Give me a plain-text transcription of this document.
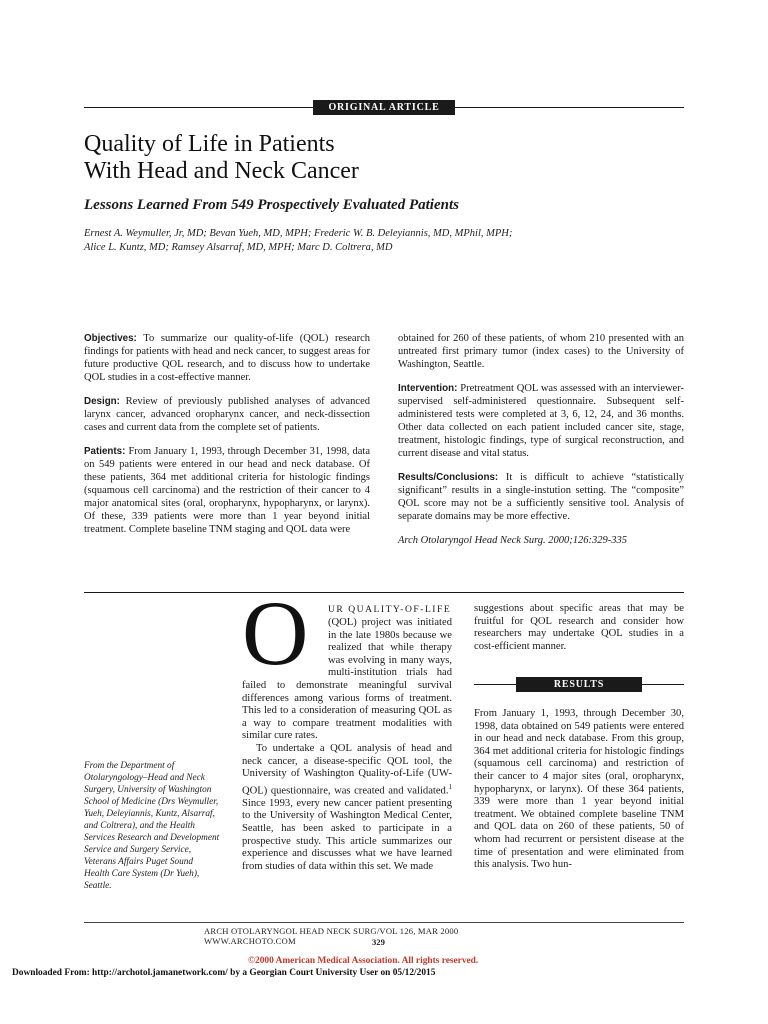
ORIGINAL ARTICLE
Quality of Life in Patients
With Head and Neck Cancer
Lessons Learned From 549 Prospectively Evaluated Patients
Ernest A. Weymuller, Jr, MD; Bevan Yueh, MD, MPH; Frederic W. B. Deleyiannis, MD, MPhil, MPH;
Alice L. Kuntz, MD; Ramsey Alsarraf, MD, MPH; Marc D. Coltrera, MD

Objectives: To summarize our quality-of-life (QOL) research findings for patients with head and neck cancer, to suggest areas for future productive QOL research, and to discuss how to undertake QOL studies in a cost-effective manner.

Design: Review of previously published analyses of advanced larynx cancer, advanced oropharynx cancer, and neck-dissection cases and current data from the complete set of patients.

Patients: From January 1, 1993, through December 31, 1998, data on 549 patients were entered in our head and neck database. Of these patients, 364 met additional criteria for histologic findings (squamous cell carcinoma) and the restriction of their cancer to 4 major anatomical sites (oral, oropharynx, hypopharynx, or larynx). Of these, 339 patients were more than 1 year beyond initial treatment. Complete baseline TNM staging and QOL data were

obtained for 260 of these patients, of whom 210 presented with an untreated first primary tumor (index cases) to the University of Washington, Seattle.

Intervention: Pretreatment QOL was assessed with an interviewer-supervised self-administered questionnaire. Subsequent self-administered tests were completed at 3, 6, 12, 24, and 36 months. Other data collected on each patient included cancer site, stage, treatment, histologic findings, type of surgical reconstruction, and current disease and vital status.

Results/Conclusions: It is difficult to achieve “statistically significant” results in a single-instution setting. The “composite” QOL score may not be a sufficiently sensitive tool. Analysis of separate domains may be more effective.

Arch Otolaryngol Head Neck Surg. 2000;126:329-335

From the Department of Otolaryngology–Head and Neck Surgery, University of Washington School of Medicine (Drs Weymuller, Yueh, Deleyiannis, Kuntz, Alsarraf, and Coltrera), and the Health Services Research and Development Service and Surgery Service, Veterans Affairs Puget Sound Health Care System (Dr Yueh), Seattle.
O UR QUALITY-OF-LIFE

(QOL) project was initiated in the late 1980s because we realized that while therapy was evolving in many ways, multi-institution trials had failed to demonstrate meaningful survival differences among various forms of treatment. This led to a consideration of measuring QOL as a way to compare treatment modalities with similar cure rates.

To undertake a QOL analysis of head and neck cancer, a disease-specific QOL tool, the University of Washington Quality-of-Life (UW-QOL) questionnaire, was created and validated.$^1$ Since 1993, every new cancer patient presenting to the University of Washington Medical Center, Seattle, has been asked to participate in a prospective study. This article summarizes our experience and discusses what we have learned from studies of data within this set. We made

suggestions about specific areas that may be fruitful for QOL research and consider how researchers may undertake QOL studies in a cost-efficient manner.

RESULTS

From January 1, 1993, through December 30, 1998, data obtained on 549 patients were entered in our head and neck database. From this group, 364 met additional criteria for histologic findings (squamous cell carcinoma) and restriction of their cancer to 4 major sites (oral, oropharynx, hypopharynx, or larynx). Of these 364 patients, 339 were more than 1 year beyond initial treatment. We obtained complete baseline TNM and QOL data on 260 of these patients, 50 of whom had recurrent or persistent disease at the time of presentation and were eliminated from this analysis. Two hun-

ARCH OTOLARYNGOL HEAD NECK SURG/VOL 126, MAR 2000  WWW.ARCHOTO.COM	329
©2000 American Medical Association. All rights reserved.
Downloaded From: http://archotol.jamanetwork.com/ by a Georgian Court University User on 05/12/2015
